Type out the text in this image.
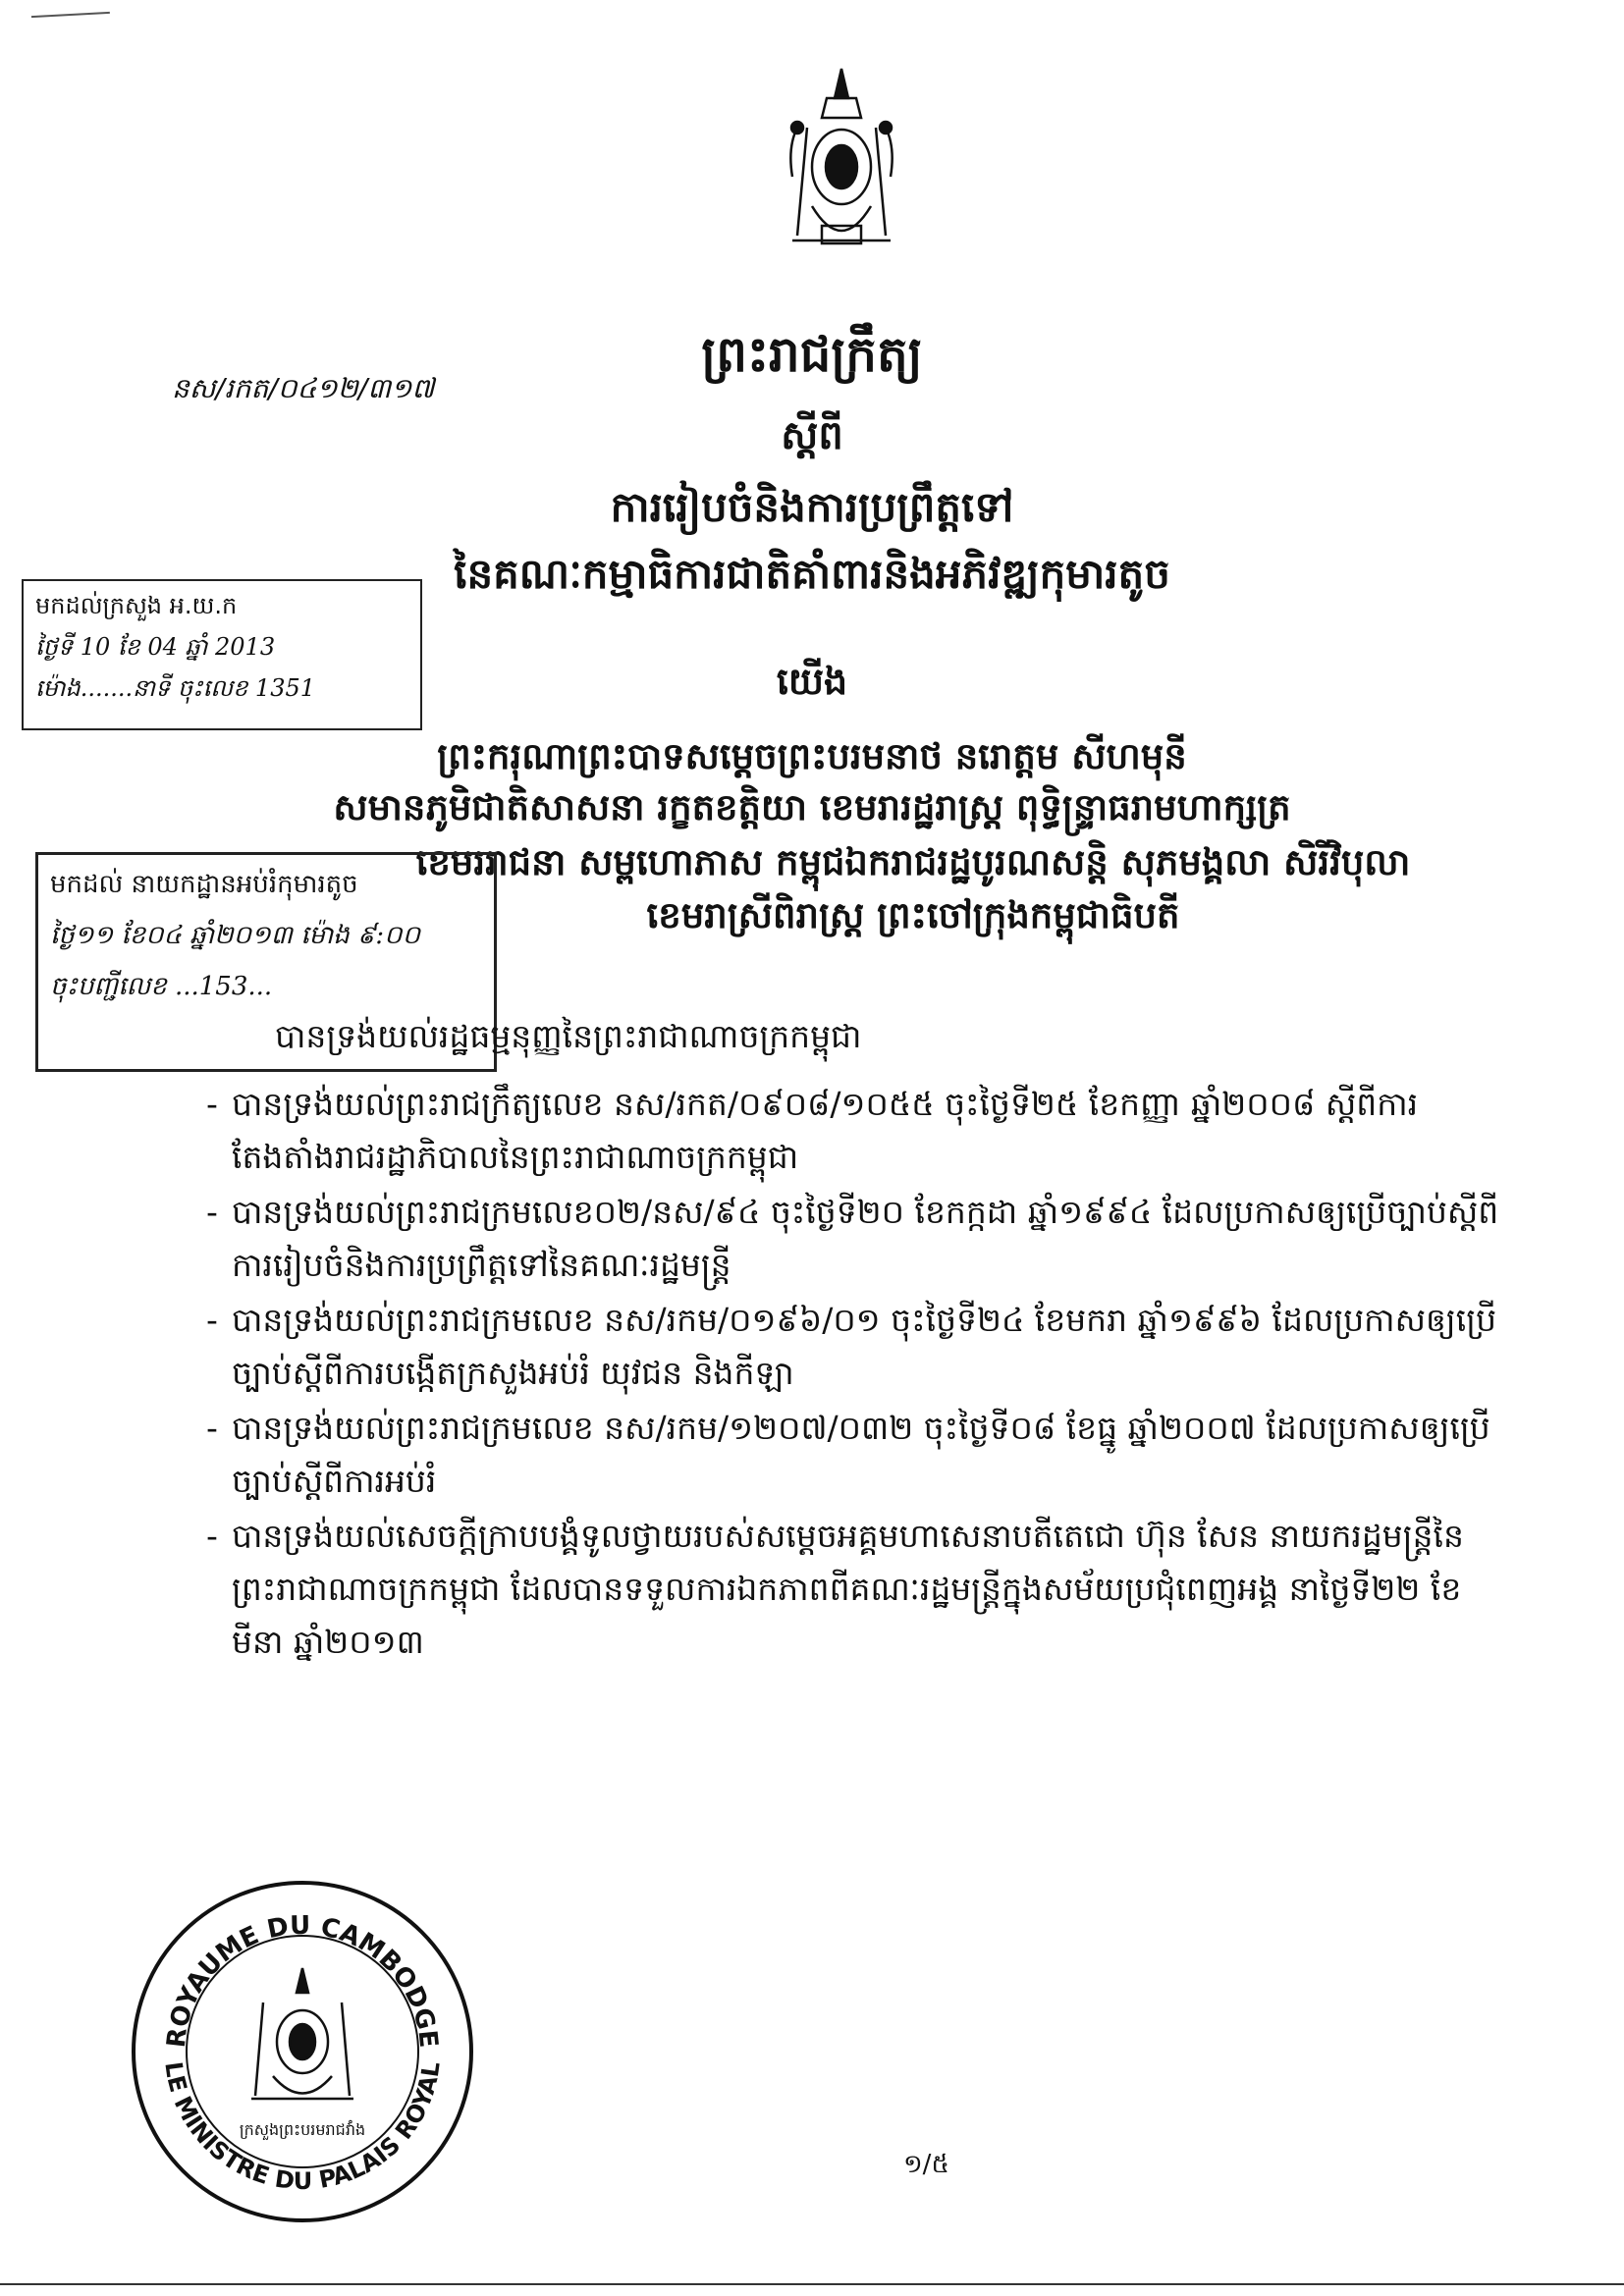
ព្រះរាជក្រឹត្យ
នស/រកត/០៤១២/៣១៧
ស្តីពី
ការរៀបចំនិងការប្រព្រឹត្តទៅ
នៃគណៈកម្មាធិការជាតិគាំពារនិងអភិវឌ្ឍកុមារតូច
យើង
ព្រះករុណាព្រះបាទសម្តេចព្រះបរមនាថ នរោត្តម សីហមុនី
សមានភូមិជាតិសាសនា រក្ខតខត្តិយា ខេមរារដ្ឋរាស្ត្រ ពុទ្ធិន្ទ្រាធរាមហាក្សត្រ
ខេមររាជនា សម្ពហោភាស កម្ពុជឯករាជរដ្ឋបូរណសន្តិ សុភមង្គលា សិរីវិបុលា
ខេមរាស្រីពិរាស្ត្រ ព្រះចៅក្រុងកម្ពុជាធិបតី
មកដល់ក្រសួង អ.យ.ក
ថ្ងៃទី 10 ខែ 04 ឆ្នាំ 2013
ម៉ោង.......នាទី ចុះលេខ 1351
មកដល់ នាយកដ្ឋានអប់រំកុមារតូច
ថ្ងៃ១១ ខែ០៤ ឆ្នាំ២០១៣ ម៉ោង ៩:០០
ចុះបញ្ជីលេខ ...153...
បានទ្រង់យល់រដ្ឋធម្មនុញ្ញនៃព្រះរាជាណាចក្រកម្ពុជា
- បានទ្រង់យល់ព្រះរាជក្រឹត្យលេខ នស/រកត/០៩០៨/១០៥៥ ចុះថ្ងៃទី២៥ ខែកញ្ញា ឆ្នាំ២០០៨ ស្តីពីការតែងតាំងរាជរដ្ឋាភិបាលនៃព្រះរាជាណាចក្រកម្ពុជា
- បានទ្រង់យល់ព្រះរាជក្រមលេខ០២/នស/៩៤ ចុះថ្ងៃទី២០ ខែកក្កដា ឆ្នាំ១៩៩៤ ដែលប្រកាសឲ្យប្រើច្បាប់ស្តីពីការរៀបចំនិងការប្រព្រឹត្តទៅនៃគណៈរដ្ឋមន្ត្រី
- បានទ្រង់យល់ព្រះរាជក្រមលេខ នស/រកម/០១៩៦/០១ ចុះថ្ងៃទី២៤ ខែមករា ឆ្នាំ១៩៩៦ ដែលប្រកាសឲ្យប្រើច្បាប់ស្តីពីការបង្កើតក្រសួងអប់រំ យុវជន និងកីឡា
- បានទ្រង់យល់ព្រះរាជក្រមលេខ នស/រកម/១២០៧/០៣២ ចុះថ្ងៃទី០៨ ខែធ្នូ ឆ្នាំ២០០៧ ដែលប្រកាសឲ្យប្រើច្បាប់ស្តីពីការអប់រំ
- បានទ្រង់យល់សេចក្តីក្រាបបង្គំទូលថ្វាយរបស់សម្តេចអគ្គមហាសេនាបតីតេជោ ហ៊ុន សែន នាយករដ្ឋមន្ត្រីនៃព្រះរាជាណាចក្រកម្ពុជា ដែលបានទទួលការឯកភាពពីគណៈរដ្ឋមន្ត្រីក្នុងសម័យប្រជុំពេញអង្គ នាថ្ងៃទី២២ ខែមីនា ឆ្នាំ២០១៣
ROYAUME DU CAMBODGE
LE MINISTRE DU PALAIS ROYAL
ក្រសួងព្រះបរមរាជវាំង
១/៥
